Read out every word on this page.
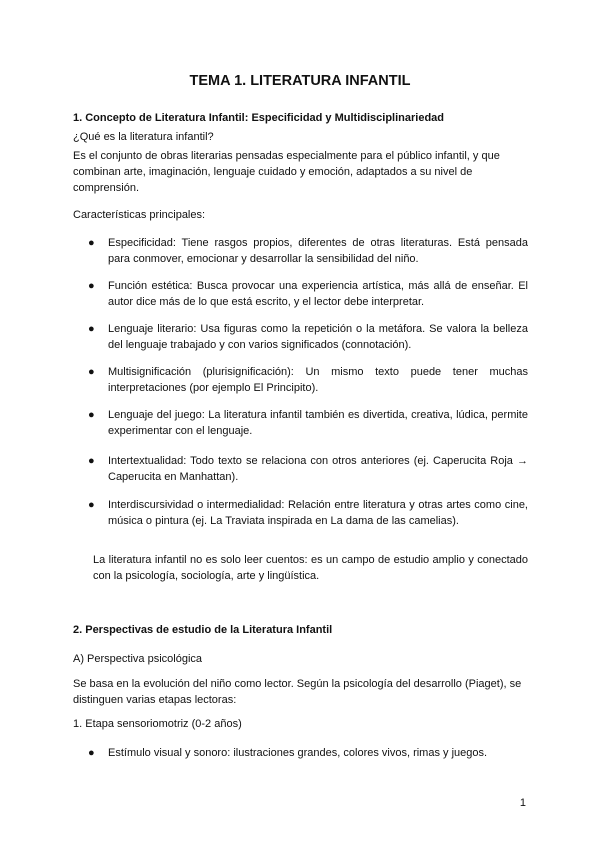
TEMA 1. LITERATURA INFANTIL
1. Concepto de Literatura Infantil: Especificidad y Multidisciplinariedad

¿Qué es la literatura infantil?

Es el conjunto de obras literarias pensadas especialmente para el público infantil, y que combinan arte, imaginación, lenguaje cuidado y emoción, adaptados a su nivel de comprensión.

Características principales:

● Especificidad: Tiene rasgos propios, diferentes de otras literaturas. Está pensada para conmover, emocionar y desarrollar la sensibilidad del niño.
● Función estética: Busca provocar una experiencia artística, más allá de enseñar. El autor dice más de lo que está escrito, y el lector debe interpretar.
● Lenguaje literario: Usa figuras como la repetición o la metáfora. Se valora la belleza del lenguaje trabajado y con varios significados (connotación).
● Multisignificación (plurisignificación): Un mismo texto puede tener muchas interpretaciones (por ejemplo El Principito).
● Lenguaje del juego: La literatura infantil también es divertida, creativa, lúdica, permite experimentar con el lenguaje.
● Intertextualidad: Todo texto se relaciona con otros anteriores (ej. Caperucita Roja → Caperucita en Manhattan).
● Interdiscursividad o intermedialidad: Relación entre literatura y otras artes como cine, música o pintura (ej. La Traviata inspirada en La dama de las camelias).

La literatura infantil no es solo leer cuentos: es un campo de estudio amplio y conectado con la psicología, sociología, arte y lingüística.

2. Perspectivas de estudio de la Literatura Infantil

A) Perspectiva psicológica

Se basa en la evolución del niño como lector. Según la psicología del desarrollo (Piaget), se distinguen varias etapas lectoras:

1. Etapa sensoriomotriz (0-2 años)

● Estímulo visual y sonoro: ilustraciones grandes, colores vivos, rimas y juegos.
1
